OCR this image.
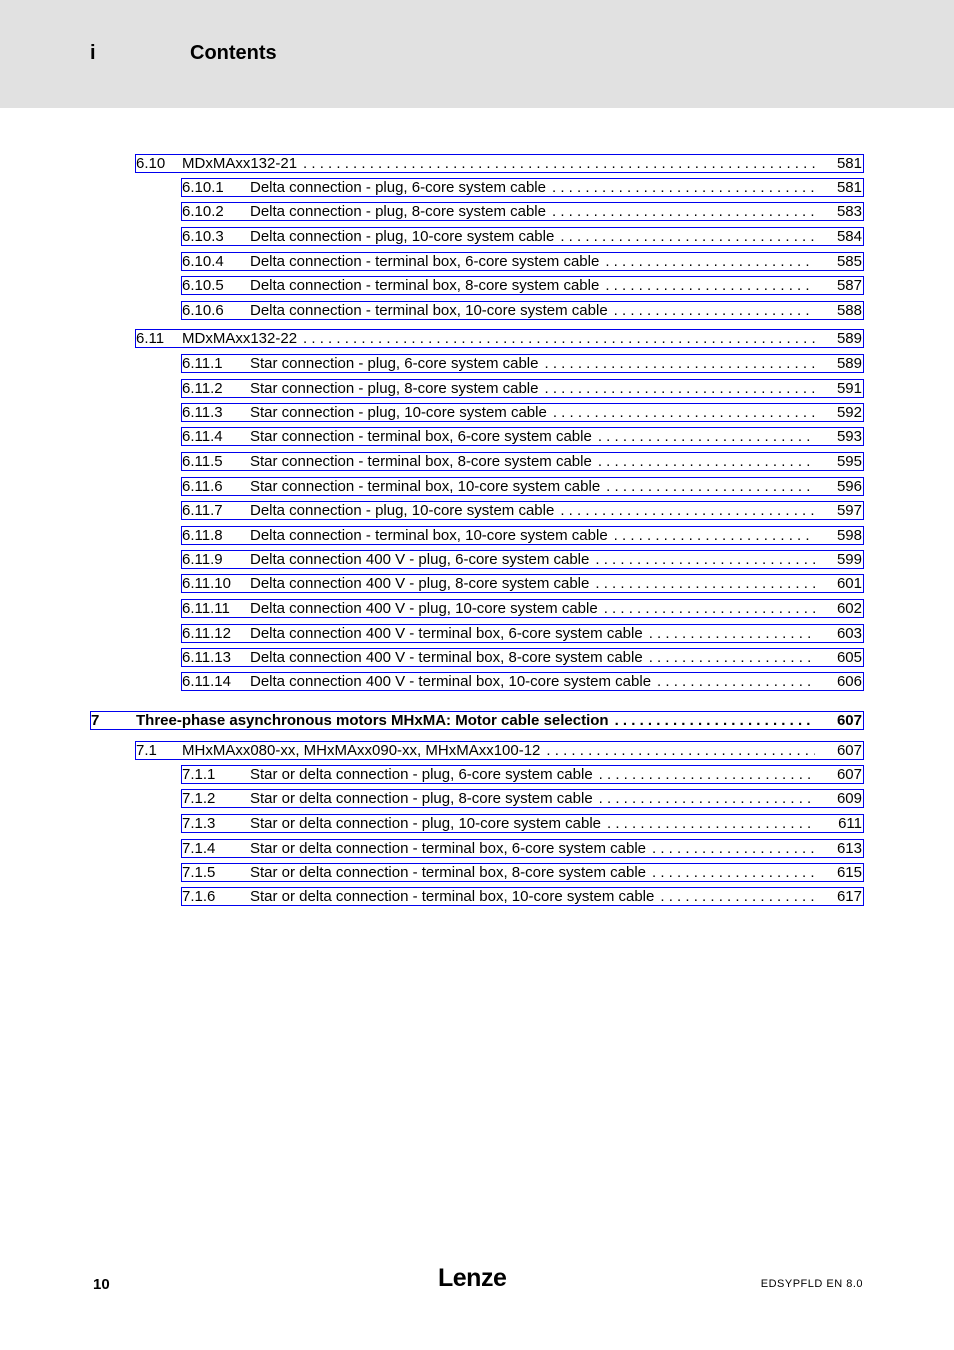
i	Contents
6.10	MDxMAxx132-21 . . .	581
6.10.1	Delta connection - plug, 6-core system cable . . .	581
6.10.2	Delta connection - plug, 8-core system cable . . .	583
6.10.3	Delta connection - plug, 10-core system cable . . .	584
6.10.4	Delta connection - terminal box, 6-core system cable . . .	585
6.10.5	Delta connection - terminal box, 8-core system cable . . .	587
6.10.6	Delta connection - terminal box, 10-core system cable . . .	588
6.11	MDxMAxx132-22 . . .	589
6.11.1	Star connection - plug, 6-core system cable . . .	589
6.11.2	Star connection - plug, 8-core system cable . . .	591
6.11.3	Star connection - plug, 10-core system cable . . .	592
6.11.4	Star connection - terminal box, 6-core system cable . . .	593
6.11.5	Star connection - terminal box, 8-core system cable . . .	595
6.11.6	Star connection - terminal box, 10-core system cable . . .	596
6.11.7	Delta connection - plug, 10-core system cable . . .	597
6.11.8	Delta connection - terminal box, 10-core system cable . . .	598
6.11.9	Delta connection 400 V - plug, 6-core system cable . . .	599
6.11.10	Delta connection 400 V - plug, 8-core system cable . . .	601
6.11.11	Delta connection 400 V - plug, 10-core system cable . . .	602
6.11.12	Delta connection 400 V - terminal box, 6-core system cable . . .	603
6.11.13	Delta connection 400 V - terminal box, 8-core system cable . . .	605
6.11.14	Delta connection 400 V - terminal box, 10-core system cable . . .	606
7	Three-phase asynchronous motors MHxMA: Motor cable selection . . .	607
7.1	MHxMAxx080-xx, MHxMAxx090-xx, MHxMAxx100-12 . . .	607
7.1.1	Star or delta connection - plug, 6-core system cable . . .	607
7.1.2	Star or delta connection - plug, 8-core system cable . . .	609
7.1.3	Star or delta connection - plug, 10-core system cable . . .	611
7.1.4	Star or delta connection - terminal box, 6-core system cable . . .	613
7.1.5	Star or delta connection - terminal box, 8-core system cable . . .	615
7.1.6	Star or delta connection - terminal box, 10-core system cable . . .	617
10	Lenze	EDSYPFLD EN 8.0
